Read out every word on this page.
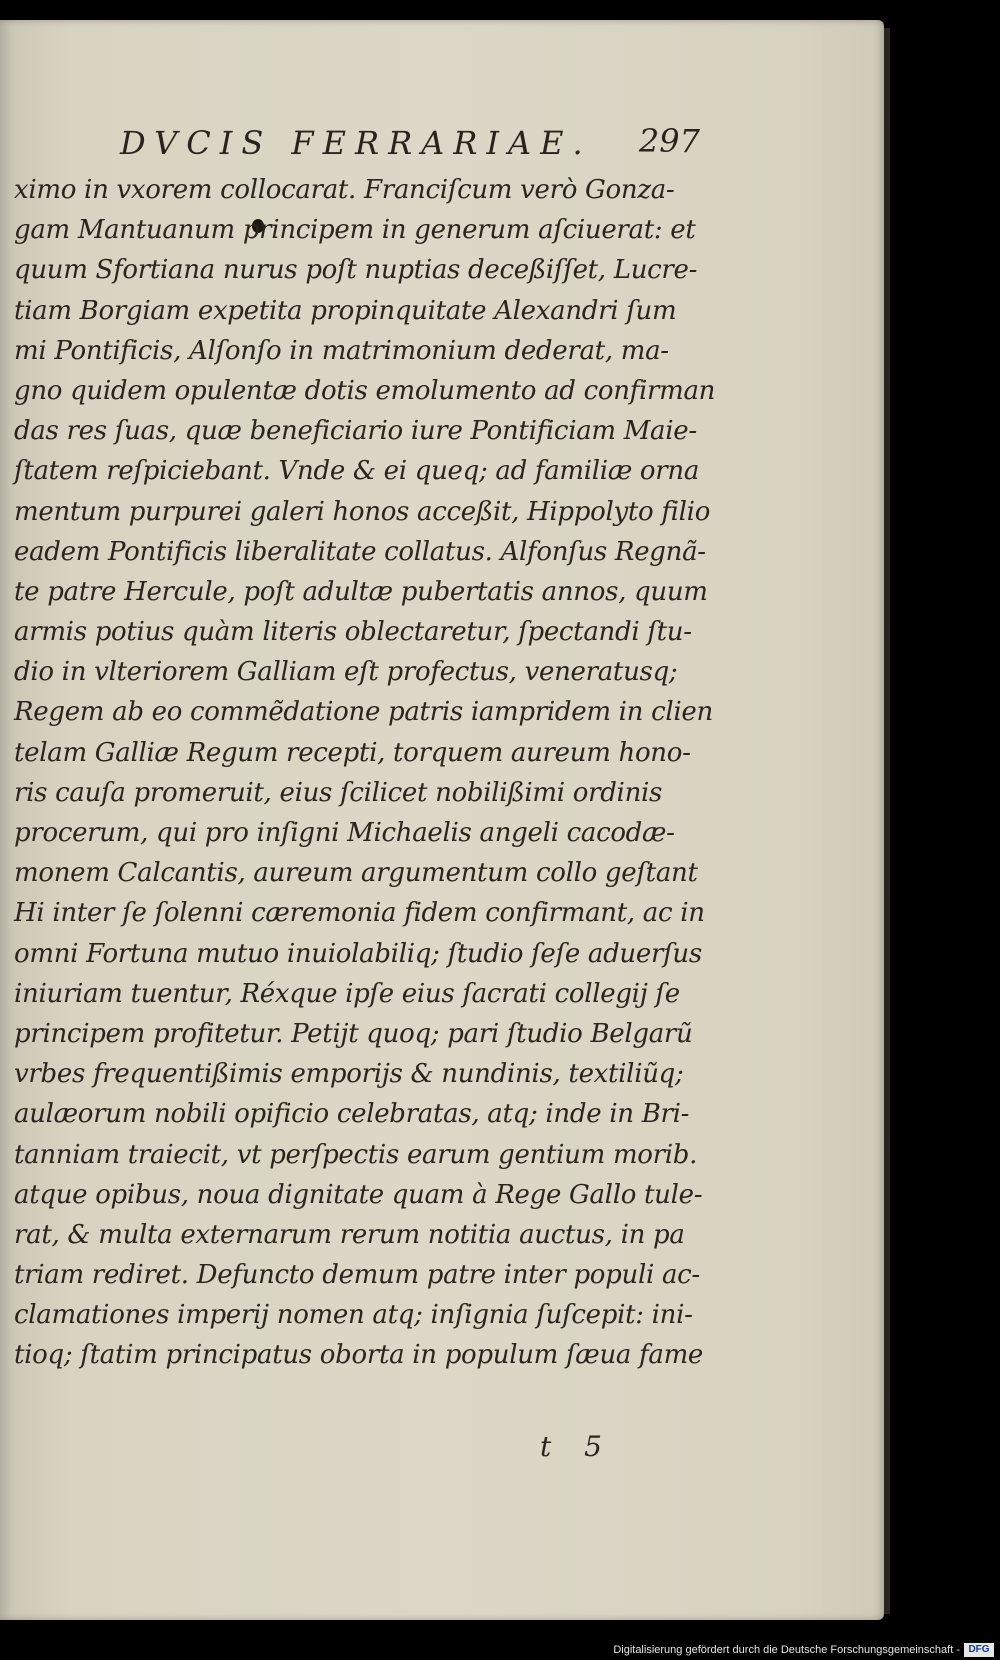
DVCIS FERRARIAE. 297
ximo in vxorem collocarat. Franciſcum verò Gonza-
gam Mantuanum principem in generum aſciuerat: et
quum Sfortiana nurus poſt nuptias deceßiſſet, Lucre-
tiam Borgiam expetita propinquitate Alexandri ſum
mi Pontificis, Alſonſo in matrimonium dederat, ma-
gno quidem opulentæ dotis emolumento ad confirman
das res ſuas, quæ beneficiario iure Pontificiam Maie-
ſtatem reſpiciebant. Vnde & ei queq; ad familiæ orna
mentum purpurei galeri honos acceßit, Hippolyto filio
eadem Pontificis liberalitate collatus. Alfonſus Regnã-
te patre Hercule, poſt adultæ pubertatis annos, quum
armis potius quàm literis oblectaretur, ſpectandi ſtu-
dio in vlteriorem Galliam eſt profectus, veneratusq;
Regem ab eo commẽdatione patris iampridem in clien
telam Galliæ Regum recepti, torquem aureum hono-
ris cauſa promeruit, eius ſcilicet nobilißimi ordinis
procerum, qui pro inſigni Michaelis angeli cacodæ-
monem Calcantis, aureum argumentum collo geſtant
Hi inter ſe ſolenni cæremonia fidem confirmant, ac in
omni Fortuna mutuo inuiolabiliq; ſtudio ſeſe aduerſus
iniuriam tuentur, Réxque ipſe eius ſacrati collegij ſe
principem profitetur. Petijt quoq; pari ſtudio Belgarũ
vrbes frequentißimis emporijs & nundinis, textiliũq;
aulæorum nobili opificio celebratas, atq; inde in Bri-
tanniam traiecit, vt perſpectis earum gentium morib.
atque opibus, noua dignitate quam à Rege Gallo tule-
rat, & multa externarum rerum notitia auctus, in pa
triam rediret. Defuncto demum patre inter populi ac-
clamationes imperij nomen atq; inſignia ſuſcepit: ini-
tioq; ſtatim principatus oborta in populum ſæua fame
t 5
Digitalisierung gefördert durch die Deutsche Forschungsgemeinschaft - DFG
